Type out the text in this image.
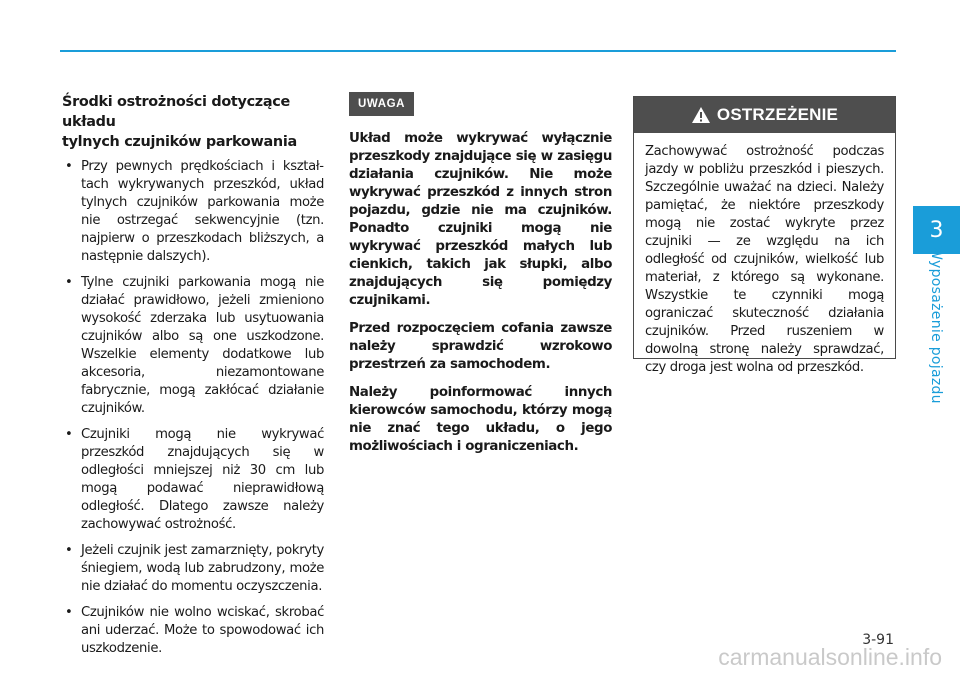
Środki ostrożności dotyczące układu
tylnych czujników parkowania
• Przy pewnych prędkościach i kształtach wykrywanych przeszkód, układ tylnych czujników parkowania może nie ostrzegać sekwencyjnie (tzn. najpierw o przeszkodach bliższych, a następnie dalszych).
• Tylne czujniki parkowania mogą nie działać prawidłowo, jeżeli zmieniono wysokość zderzaka lub usytuowania czujników albo są one uszkodzone. Wszelkie elementy dodatkowe lub akcesoria, niezamontowane fabrycznie, mogą zakłócać działanie czujników.
• Czujniki mogą nie wykrywać przeszkód znajdujących się w odległości mniejszej niż 30 cm lub mogą podawać nieprawidłową odległość. Dlatego zawsze należy zachowywać ostrożność.
• Jeżeli czujnik jest zamarznięty, pokryty śniegiem, wodą lub zabrudzony, może nie działać do momentu oczyszczenia.
• Czujników nie wolno wciskać, skrobać ani uderzać. Może to spowodować ich uszkodzenie.
UWAGA

Układ może wykrywać wyłącznie przeszkody znajdujące się w zasięgu działania czujników. Nie może wykrywać przeszkód z innych stron pojazdu, gdzie nie ma czujników. Ponadto czujniki mogą nie wykrywać przeszkód małych lub cienkich, takich jak słupki, albo znajdujących się pomiędzy czujnikami.

Przed rozpoczęciem cofania zawsze należy sprawdzić wzrokowo przestrzeń za samochodem.

Należy poinformować innych kierowców samochodu, którzy mogą nie znać tego układu, o jego możliwościach i ograniczeniach.

OSTRZEŻENIE
Zachowywać ostrożność podczas jazdy w pobliżu przeszkód i pieszych. Szczególnie uważać na dzieci. Należy pamiętać, że niektóre przeszkody mogą nie zostać wykryte przez czujniki — ze względu na ich odległość od czujników, wielkość lub materiał, z którego są wykonane. Wszystkie te czynniki mogą ograniczać skuteczność działania czujników. Przed ruszeniem w dowolną stronę należy sprawdzać, czy droga jest wolna od przeszkód.
3
Wyposażenie pojazdu
3-91
carmanualsonline.info
